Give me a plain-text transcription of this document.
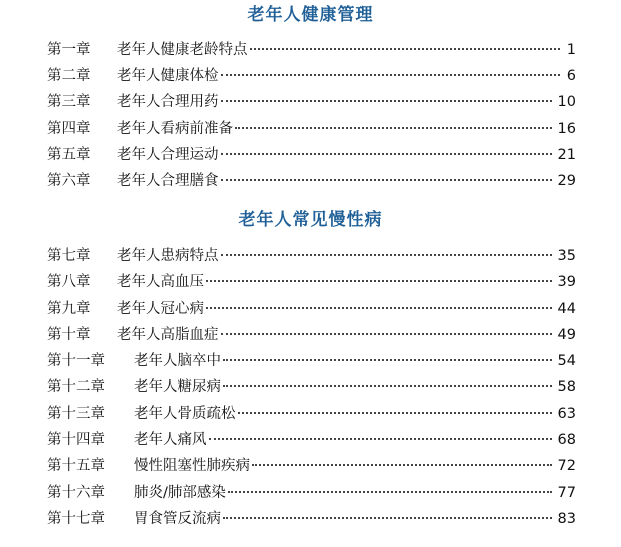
老年人健康管理
第一章	老年人健康老龄特点	1
第二章	老年人健康体检	6
第三章	老年人合理用药	10
第四章	老年人看病前准备	16
第五章	老年人合理运动	21
第六章	老年人合理膳食	29
老年人常见慢性病
第七章	老年人患病特点	35
第八章	老年人高血压	39
第九章	老年人冠心病	44
第十章	老年人高脂血症	49
第十一章	老年人脑卒中	54
第十二章	老年人糖尿病	58
第十三章	老年人骨质疏松	63
第十四章	老年人痛风	68
第十五章	慢性阻塞性肺疾病	72
第十六章	肺炎/肺部感染	77
第十七章	胃食管反流病	83
